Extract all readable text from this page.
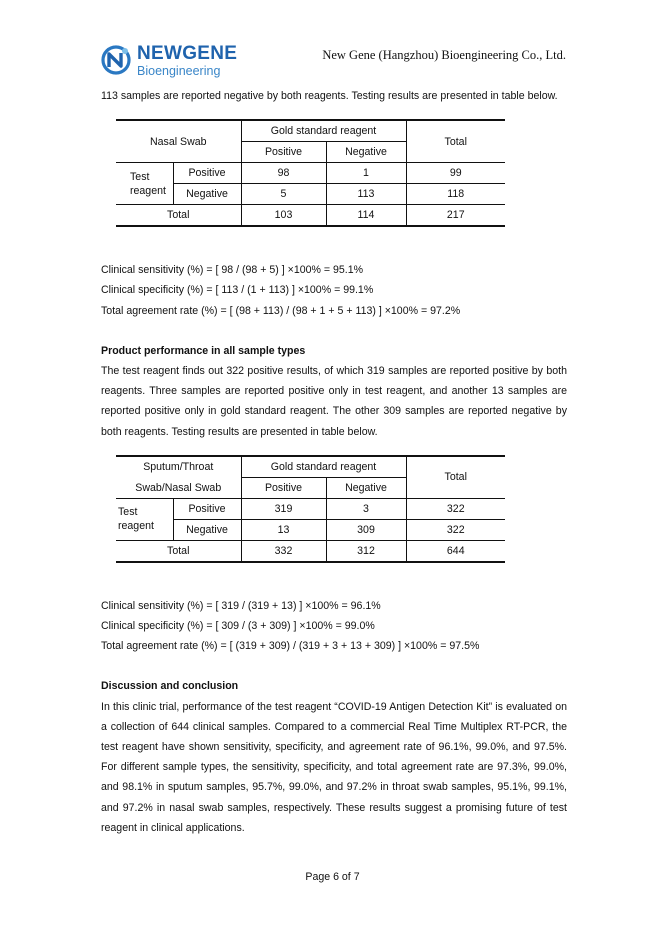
NEWGENE
Bioengineering
New Gene (Hangzhou) Bioengineering Co., Ltd.

113 samples are reported negative by both reagents. Testing results are presented in table below.

Nasal Swab		Gold standard reagent		Total
		Positive	Negative	
Test
reagent	Positive	98	1	99
	Negative	5	113	118
Total		103	114	217

Clinical sensitivity (%) = [ 98 / (98 + 5) ] ×100% = 95.1%

Clinical specificity (%) = [ 113 / (1 + 113) ] ×100% = 99.1%

Total agreement rate (%) = [ (98 + 113) / (98 + 1 + 5 + 113) ] ×100% = 97.2%

Product performance in all sample types

The test reagent finds out 322 positive results, of which 319 samples are reported positive by both reagents. Three samples are reported positive only in test reagent, and another 13 samples are reported positive only in gold standard reagent. The other 309 samples are reported negative by both reagents. Testing results are presented in table below.

Sputum/Throat		Gold standard reagent		Total
Swab/Nasal Swab		Positive	Negative	
Test
reagent	Positive	319	3	322
	Negative	13	309	322
Total		332	312	644

Clinical sensitivity (%) = [ 319 / (319 + 13) ] ×100% = 96.1%

Clinical specificity (%) = [ 309 / (3 + 309) ] ×100% = 99.0%

Total agreement rate (%) = [ (319 + 309) / (319 + 3 + 13 + 309) ] ×100% = 97.5%

Discussion and conclusion

In this clinic trial, performance of the test reagent “COVID-19 Antigen Detection Kit” is evaluated on a collection of 644 clinical samples. Compared to a commercial Real Time Multiplex RT-PCR, the test reagent have shown sensitivity, specificity, and agreement rate of 96.1%, 99.0%, and 97.5%. For different sample types, the sensitivity, specificity, and total agreement rate are 97.3%, 99.0%, and 98.1% in sputum samples, 95.7%, 99.0%, and 97.2% in throat swab samples, 95.1%, 99.1%, and 97.2% in nasal swab samples, respectively. These results suggest a promising future of test reagent in clinical applications.

Page 6 of 7
